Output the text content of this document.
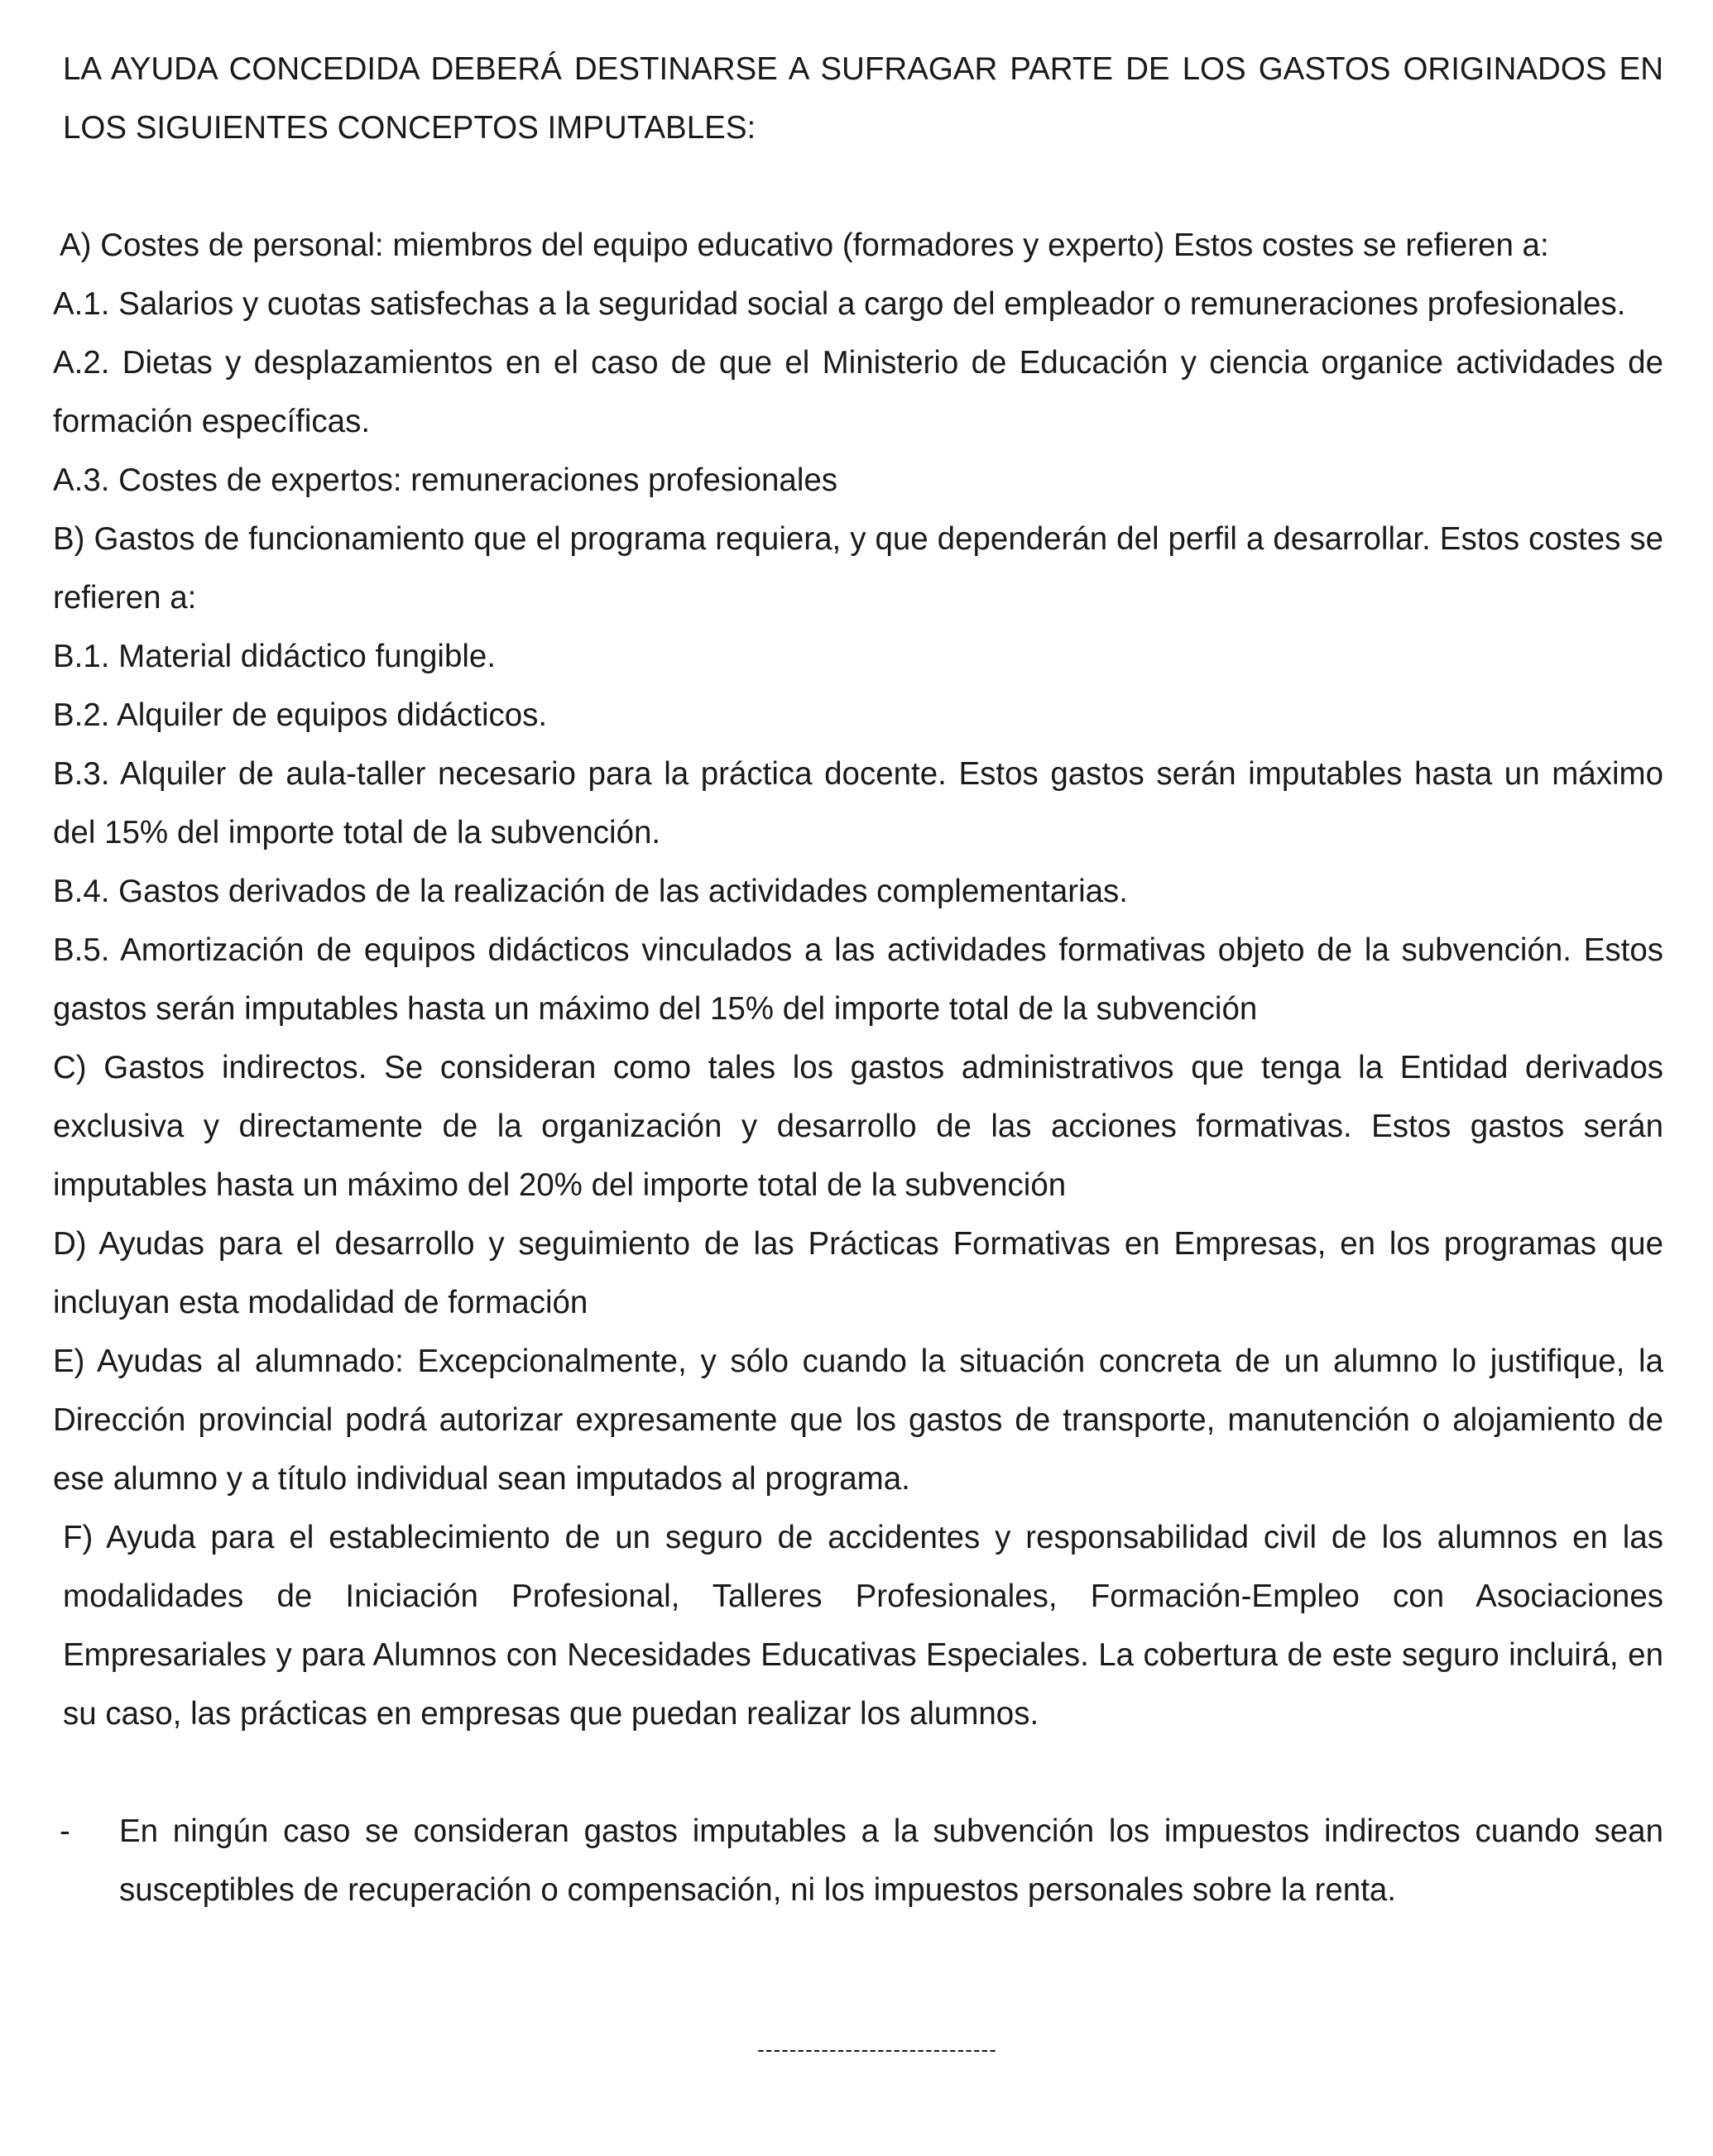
LA AYUDA CONCEDIDA DEBERÁ DESTINARSE A SUFRAGAR PARTE DE LOS GASTOS ORIGINADOS EN LOS SIGUIENTES CONCEPTOS IMPUTABLES:

A) Costes de personal: miembros del equipo educativo (formadores y experto) Estos costes se refieren a:

A.1. Salarios y cuotas satisfechas a la seguridad social a cargo del empleador o remuneraciones profesionales.

A.2. Dietas y desplazamientos en el caso de que el Ministerio de Educación y ciencia organice actividades de formación específicas.

A.3. Costes de expertos: remuneraciones profesionales

B) Gastos de funcionamiento que el programa requiera, y que dependerán del perfil a desarrollar. Estos costes se refieren a:

B.1. Material didáctico fungible.

B.2. Alquiler de equipos didácticos.

B.3. Alquiler de aula-taller necesario para la práctica docente. Estos gastos serán imputables hasta un máximo del 15% del importe total de la subvención.

B.4. Gastos derivados de la realización de las actividades complementarias.

B.5. Amortización de equipos didácticos vinculados a las actividades formativas objeto de la subvención. Estos gastos serán imputables hasta un máximo del 15% del importe total de la subvención

C) Gastos indirectos. Se consideran como tales los gastos administrativos que tenga la Entidad derivados exclusiva y directamente de la organización y desarrollo de las acciones formativas. Estos gastos serán imputables hasta un máximo del 20% del importe total de la subvención

D) Ayudas para el desarrollo y seguimiento de las Prácticas Formativas en Empresas, en los programas que incluyan esta modalidad de formación

E) Ayudas al alumnado: Excepcionalmente, y sólo cuando la situación concreta de un alumno lo justifique, la Dirección provincial podrá autorizar expresamente que los gastos de transporte, manutención o alojamiento de ese alumno y a título individual sean imputados al programa.

F) Ayuda para el establecimiento de un seguro de accidentes y responsabilidad civil de los alumnos en las modalidades de Iniciación Profesional, Talleres Profesionales, Formación-Empleo con Asociaciones Empresariales y para Alumnos con Necesidades Educativas Especiales. La cobertura de este seguro incluirá, en su caso, las prácticas en empresas que puedan realizar los alumnos.

-	En ningún caso se consideran gastos imputables a la subvención los impuestos indirectos cuando sean susceptibles de recuperación o compensación, ni los impuestos personales sobre la renta.

------------------------------
